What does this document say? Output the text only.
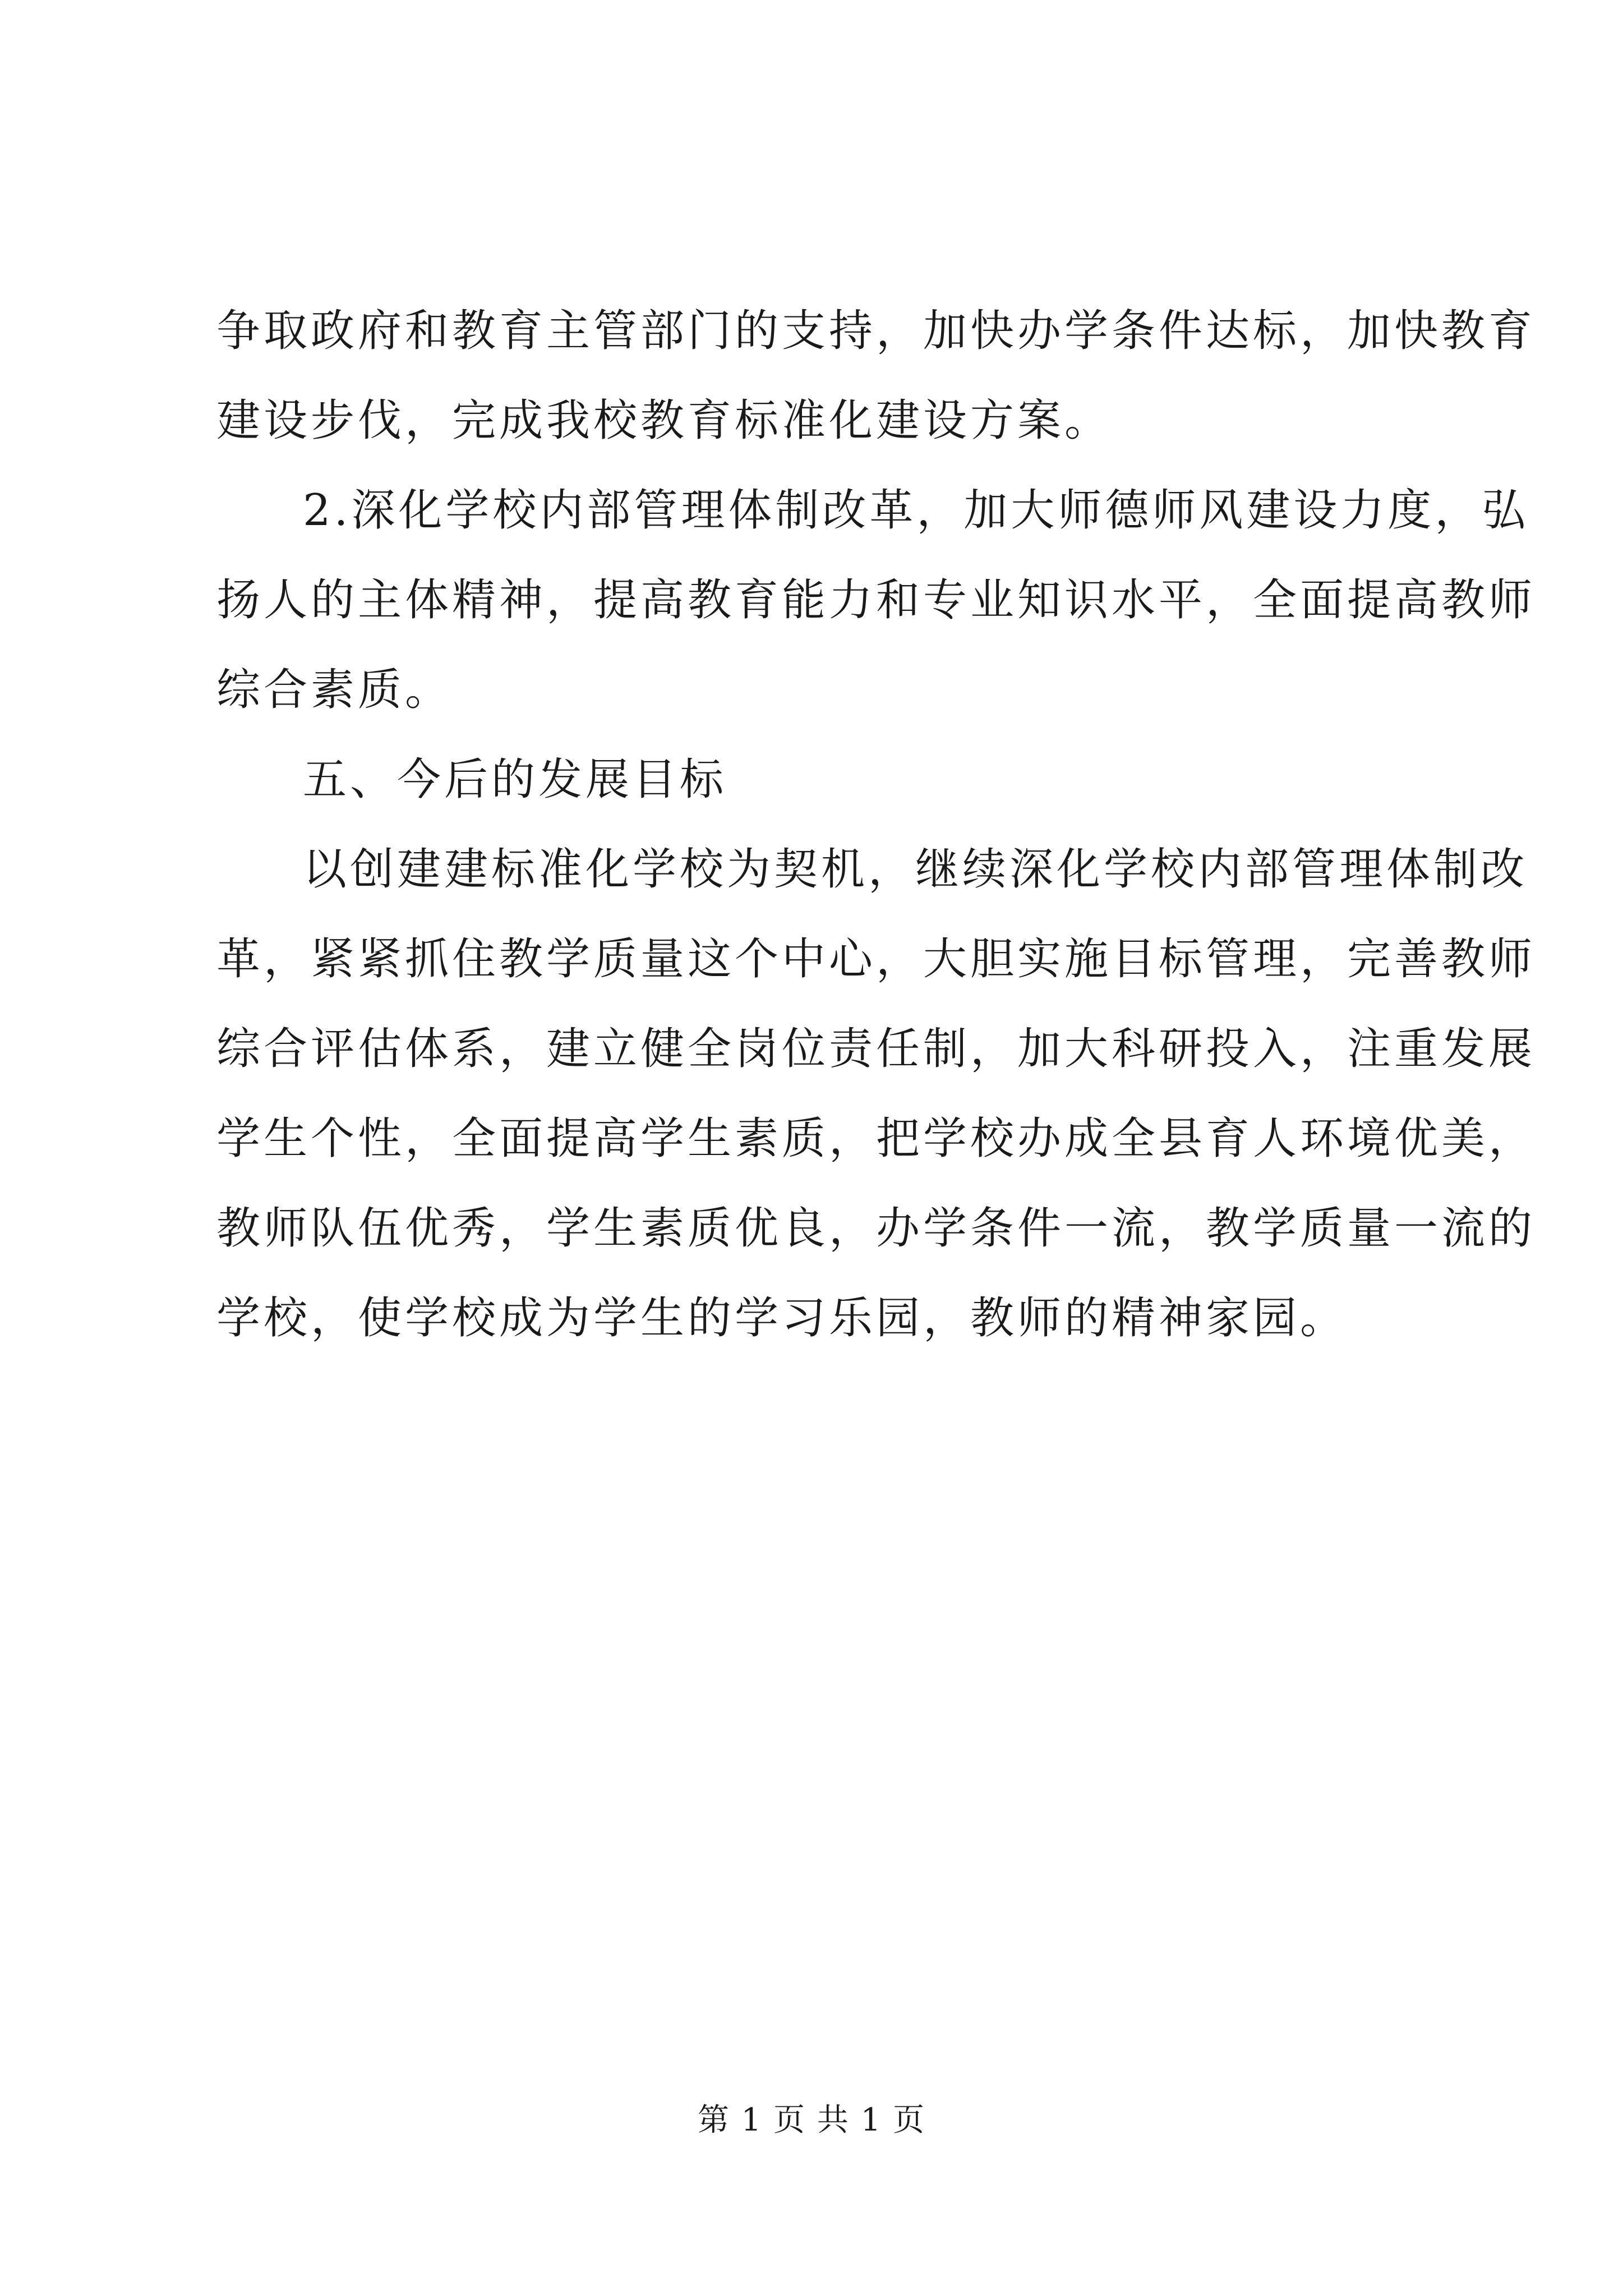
争取政府和教育主管部门的支持，加快办学条件达标，加快教育
建设步伐，完成我校教育标准化建设方案。
2.深化学校内部管理体制改革，加大师德师风建设力度，弘
扬人的主体精神，提高教育能力和专业知识水平，全面提高教师
综合素质。
五、今后的发展目标
以创建建标准化学校为契机，继续深化学校内部管理体制改
革，紧紧抓住教学质量这个中心，大胆实施目标管理，完善教师
综合评估体系，建立健全岗位责任制，加大科研投入，注重发展
学生个性，全面提高学生素质，把学校办成全县育人环境优美，
教师队伍优秀，学生素质优良，办学条件一流，教学质量一流的
学校，使学校成为学生的学习乐园，教师的精神家园。
第 1 页 共 1 页
